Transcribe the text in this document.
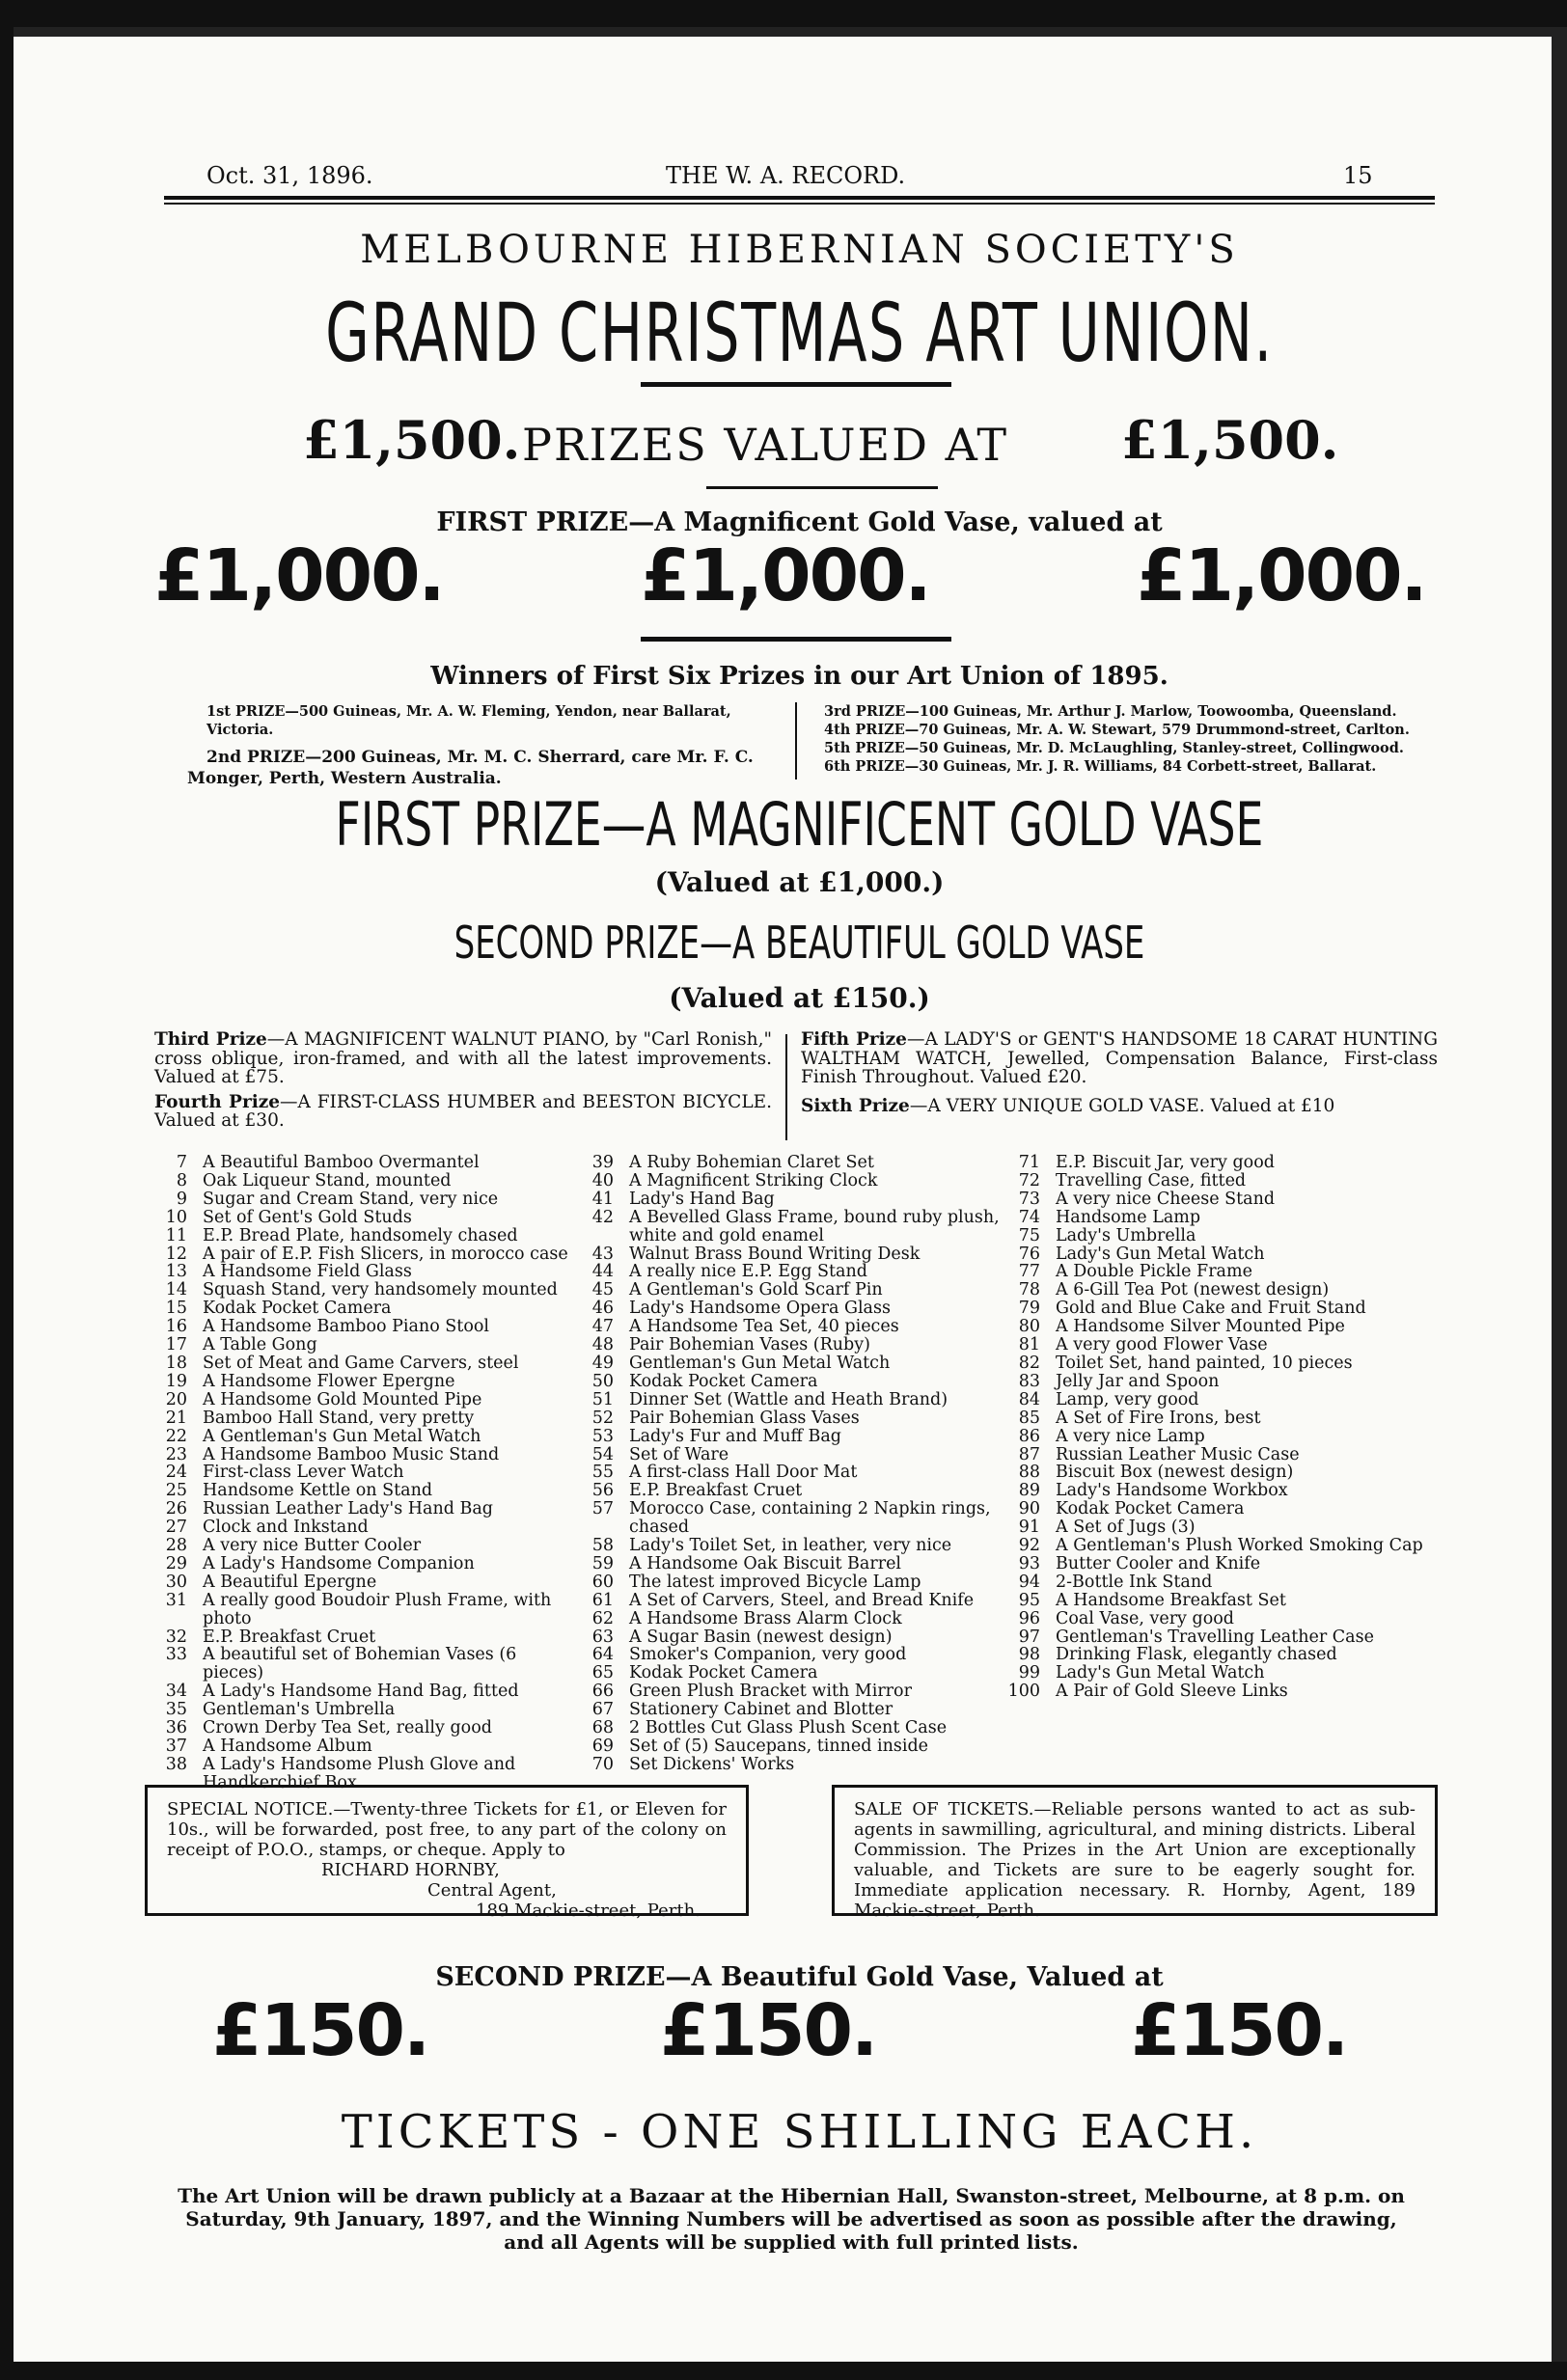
Oct. 31, 1896.	THE W. A. RECORD.	15
MELBOURNE HIBERNIAN SOCIETY'S
GRAND CHRISTMAS ART UNION.
£1,500. PRIZES VALUED AT £1,500.
FIRST PRIZE—A Magnificent Gold Vase, valued at
£1,000.	£1,000.	£1,000.
Winners of First Six Prizes in our Art Union of 1895.
1st PRIZE—500 Guineas, Mr. A. W. Fleming, Yendon, near Ballarat, Victoria.
2nd PRIZE—200 Guineas, Mr. M. C. Sherrard, care Mr. F. C. Monger, Perth, Western Australia.
3rd PRIZE—100 Guineas, Mr. Arthur J. Marlow, Toowoomba, Queensland.
4th PRIZE—70 Guineas, Mr. A. W. Stewart, 579 Drummond-street, Carlton.
5th PRIZE—50 Guineas, Mr. D. McLaughling, Stanley-street, Collingwood.
6th PRIZE—30 Guineas, Mr. J. R. Williams, 84 Corbett-street, Ballarat.
FIRST PRIZE—A MAGNIFICENT GOLD VASE
(Valued at £1,000.)
SECOND PRIZE—A BEAUTIFUL GOLD VASE
(Valued at £150.)
Third Prize—A MAGNIFICENT WALNUT PIANO, by "Carl Ronish," cross oblique, iron-framed, and with all the latest improvements. Valued at £75.
Fourth Prize—A FIRST-CLASS HUMBER and BEESTON BICYCLE. Valued at £30.
Fifth Prize—A LADY'S or GENT'S HANDSOME 18 CARAT HUNTING WALTHAM WATCH, Jewelled, Compensation Balance, First-class Finish Throughout. Valued £20.
Sixth Prize—A VERY UNIQUE GOLD VASE. Valued at £10
7 A Beautiful Bamboo Overmantel
8 Oak Liqueur Stand, mounted
9 Sugar and Cream Stand, very nice
10 Set of Gent's Gold Studs
11 E.P. Bread Plate, handsomely chased
12 A pair of E.P. Fish Slicers, in morocco case
13 A Handsome Field Glass
14 Squash Stand, very handsomely mounted
15 Kodak Pocket Camera
16 A Handsome Bamboo Piano Stool
17 A Table Gong
18 Set of Meat and Game Carvers, steel
19 A Handsome Flower Epergne
20 A Handsome Gold Mounted Pipe
21 Bamboo Hall Stand, very pretty
22 A Gentleman's Gun Metal Watch
23 A Handsome Bamboo Music Stand
24 First-class Lever Watch
25 Handsome Kettle on Stand
26 Russian Leather Lady's Hand Bag
27 Clock and Inkstand
28 A very nice Butter Cooler
29 A Lady's Handsome Companion
30 A Beautiful Epergne
31 A really good Boudoir Plush Frame, with photo
32 E.P. Breakfast Cruet
33 A beautiful set of Bohemian Vases (6 pieces)
34 A Lady's Handsome Hand Bag, fitted
35 Gentleman's Umbrella
36 Crown Derby Tea Set, really good
37 A Handsome Album
38 A Lady's Handsome Plush Glove and Handkerchief Box
39 A Ruby Bohemian Claret Set
40 A Magnificent Striking Clock
41 Lady's Hand Bag
42 A Bevelled Glass Frame, bound ruby plush, white and gold enamel
43 Walnut Brass Bound Writing Desk
44 A really nice E.P. Egg Stand
45 A Gentleman's Gold Scarf Pin
46 Lady's Handsome Opera Glass
47 A Handsome Tea Set, 40 pieces
48 Pair Bohemian Vases (Ruby)
49 Gentleman's Gun Metal Watch
50 Kodak Pocket Camera
51 Dinner Set (Wattle and Heath Brand)
52 Pair Bohemian Glass Vases
53 Lady's Fur and Muff Bag
54 Set of Ware
55 A first-class Hall Door Mat
56 E.P. Breakfast Cruet
57 Morocco Case, containing 2 Napkin rings, chased
58 Lady's Toilet Set, in leather, very nice
59 A Handsome Oak Biscuit Barrel
60 The latest improved Bicycle Lamp
61 A Set of Carvers, Steel, and Bread Knife
62 A Handsome Brass Alarm Clock
63 A Sugar Basin (newest design)
64 Smoker's Companion, very good
65 Kodak Pocket Camera
66 Green Plush Bracket with Mirror
67 Stationery Cabinet and Blotter
68 2 Bottles Cut Glass Plush Scent Case
69 Set of (5) Saucepans, tinned inside
70 Set Dickens' Works
71 E.P. Biscuit Jar, very good
72 Travelling Case, fitted
73 A very nice Cheese Stand
74 Handsome Lamp
75 Lady's Umbrella
76 Lady's Gun Metal Watch
77 A Double Pickle Frame
78 A 6-Gill Tea Pot (newest design)
79 Gold and Blue Cake and Fruit Stand
80 A Handsome Silver Mounted Pipe
81 A very good Flower Vase
82 Toilet Set, hand painted, 10 pieces
83 Jelly Jar and Spoon
84 Lamp, very good
85 A Set of Fire Irons, best
86 A very nice Lamp
87 Russian Leather Music Case
88 Biscuit Box (newest design)
89 Lady's Handsome Workbox
90 Kodak Pocket Camera
91 A Set of Jugs (3)
92 A Gentleman's Plush Worked Smoking Cap
93 Butter Cooler and Knife
94 2-Bottle Ink Stand
95 A Handsome Breakfast Set
96 Coal Vase, very good
97 Gentleman's Travelling Leather Case
98 Drinking Flask, elegantly chased
99 Lady's Gun Metal Watch
100 A Pair of Gold Sleeve Links
SPECIAL NOTICE.—Twenty-three Tickets for £1, or Eleven for 10s., will be forwarded, post free, to any part of the colony on receipt of P.O.O., stamps, or cheque. Apply to
RICHARD HORNBY,
Central Agent,
189 Mackie-street, Perth.
SALE OF TICKETS.—Reliable persons wanted to act as sub-agents in sawmilling, agricultural, and mining districts. Liberal Commission. The Prizes in the Art Union are exceptionally valuable, and Tickets are sure to be eagerly sought for. Immediate application necessary. R. Hornby, Agent, 189 Mackie-street, Perth.
SECOND PRIZE—A Beautiful Gold Vase, Valued at
£150.	£150.	£150.
TICKETS - ONE SHILLING EACH.
The Art Union will be drawn publicly at a Bazaar at the Hibernian Hall, Swanston-street, Melbourne, at 8 p.m. on Saturday, 9th January, 1897, and the Winning Numbers will be advertised as soon as possible after the drawing, and all Agents will be supplied with full printed lists.
